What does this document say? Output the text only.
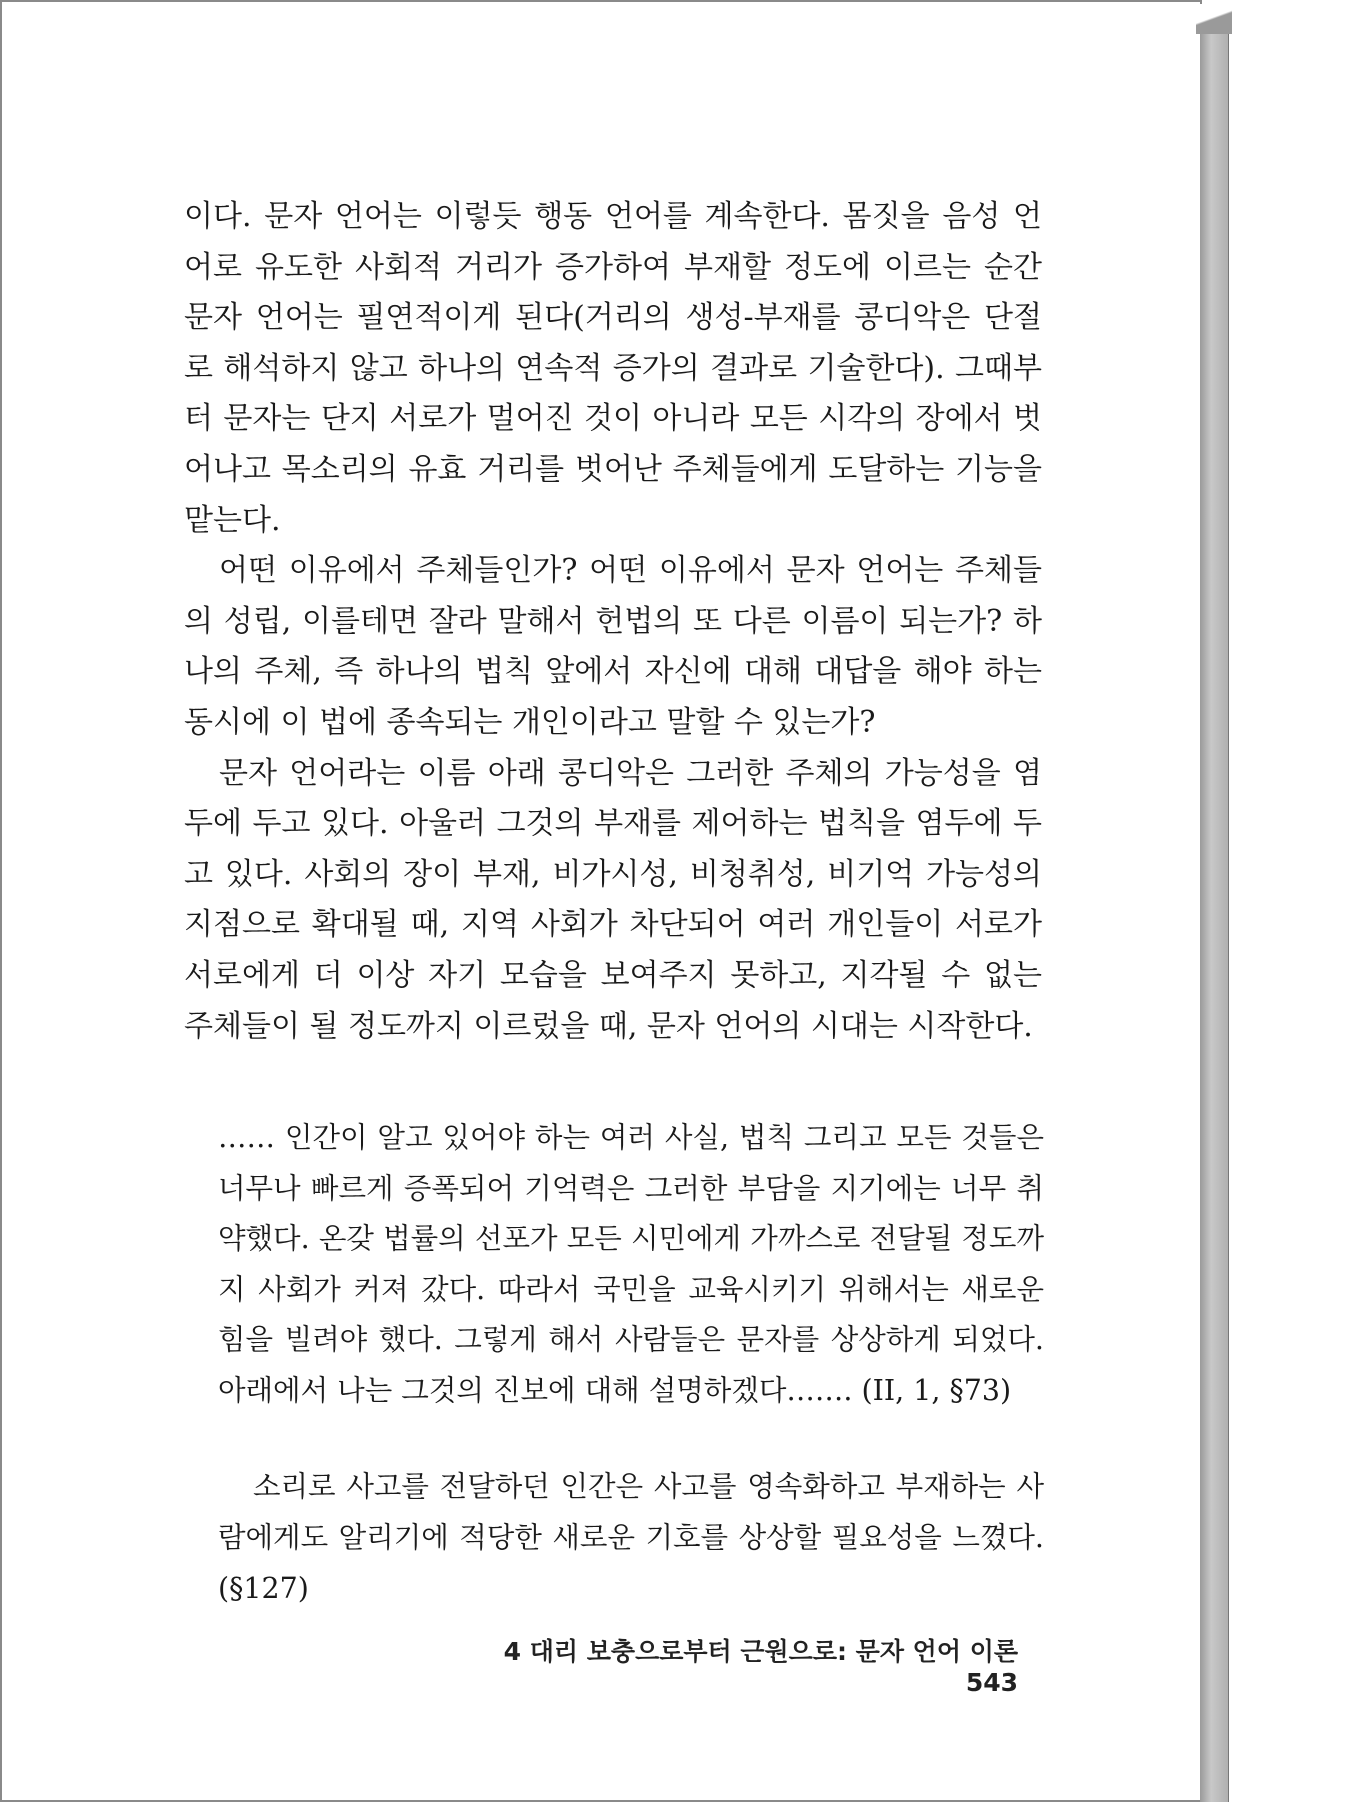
이다. 문자 언어는 이렇듯 행동 언어를 계속한다. 몸짓을 음성 언어로 유도한 사회적 거리가 증가하여 부재할 정도에 이르는 순간 문자 언어는 필연적이게 된다(거리의 생성-부재를 콩디악은 단절로 해석하지 않고 하나의 연속적 증가의 결과로 기술한다). 그때부터 문자는 단지 서로가 멀어진 것이 아니라 모든 시각의 장에서 벗어나고 목소리의 유효 거리를 벗어난 주체들에게 도달하는 기능을 맡는다.

어떤 이유에서 주체들인가? 어떤 이유에서 문자 언어는 주체들의 성립, 이를테면 잘라 말해서 헌법의 또 다른 이름이 되는가? 하나의 주체, 즉 하나의 법칙 앞에서 자신에 대해 대답을 해야 하는 동시에 이 법에 종속되는 개인이라고 말할 수 있는가?

문자 언어라는 이름 아래 콩디악은 그러한 주체의 가능성을 염두에 두고 있다. 아울러 그것의 부재를 제어하는 법칙을 염두에 두고 있다. 사회의 장이 부재, 비가시성, 비청취성, 비기억 가능성의 지점으로 확대될 때, 지역 사회가 차단되어 여러 개인들이 서로가 서로에게 더 이상 자기 모습을 보여주지 못하고, 지각될 수 없는 주체들이 될 정도까지 이르렀을 때, 문자 언어의 시대는 시작한다.

…… 인간이 알고 있어야 하는 여러 사실, 법칙 그리고 모든 것들은 너무나 빠르게 증폭되어 기억력은 그러한 부담을 지기에는 너무 취약했다. 온갖 법률의 선포가 모든 시민에게 가까스로 전달될 정도까지 사회가 커져 갔다. 따라서 국민을 교육시키기 위해서는 새로운 힘을 빌려야 했다. 그렇게 해서 사람들은 문자를 상상하게 되었다. 아래에서 나는 그것의 진보에 대해 설명하겠다……. (II, 1, §73)

소리로 사고를 전달하던 인간은 사고를 영속화하고 부재하는 사람에게도 알리기에 적당한 새로운 기호를 상상할 필요성을 느꼈다. (§127)

4 대리 보충으로부터 근원으로: 문자 언어 이론543
